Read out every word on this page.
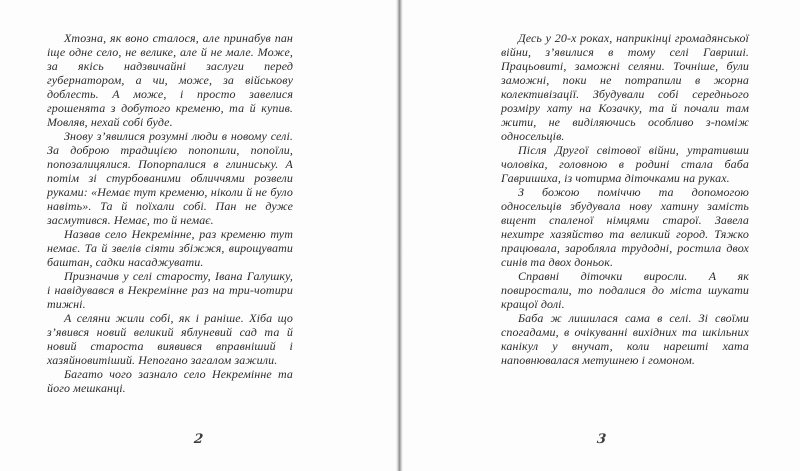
Хтозна, як воно сталося, але принабув пан іще одне село, не велике, але й не мале. Може, за якісь надзвичайні заслуги перед губернатором, а чи, може, за військову доблесть. А може, і просто завелися грошенята з добутого кременю, та й купив. Мовляв, нехай собі буде.

Знову з’явилися розумні люди в новому селі. За доброю традицією попопили, попоїли, попозалицялися. Попорпалися в глиниську. А потім зі стурбованими обличчями розвели руками: «Немає тут кременю, ніколи й не було навіть». Та й поїхали собі. Пан не дуже засмутився. Немає, то й немає.

Назвав село Некремінне, раз кременю тут немає. Та й звелів сіяти збіжжя, вирощувати баштан, садки насаджувати.

Призначив у селі старосту, Івана Галушку, і навідувався в Некремінне раз на три-чотири тижні.

А селяни жили собі, як і раніше. Хіба що з’явився новий великий яблуневий сад та й новий староста виявився вправніший і хазяйновитіший. Непогано загалом зажили.

Багато чого зазнало село Некремінне та його мешканці.

2

Десь у 20-х роках, наприкінці громадянської війни, з’явилися в тому селі Гавриші. Працьовиті, заможні селяни. Точніше, були заможні, поки не потрапили в жорна колективізації. Збудували собі середнього розміру хату на Козачку, та й почали там жити, не виділяючись особливо з-поміж односельців.

Після Другої світової війни, утративши чоловіка, головною в родині стала баба Гавришиха, із чотирма діточками на руках.

З божою поміччю та допомогою односельців збудувала нову хатину замість вщент спаленої німцями старої. Завела нехитре хазяйство та великий город. Тяжко працювала, заробляла трудодні, ростила двох синів та двох доньок.

Справні діточки виросли. А як повиростали, то подалися до міста шукати кращої долі.

Баба ж лишилася сама в селі. Зі своїми спогадами, в очікуванні вихідних та шкільних канікул у внучат, коли нарешті хата наповнювалася метушнею і гомоном.

3
